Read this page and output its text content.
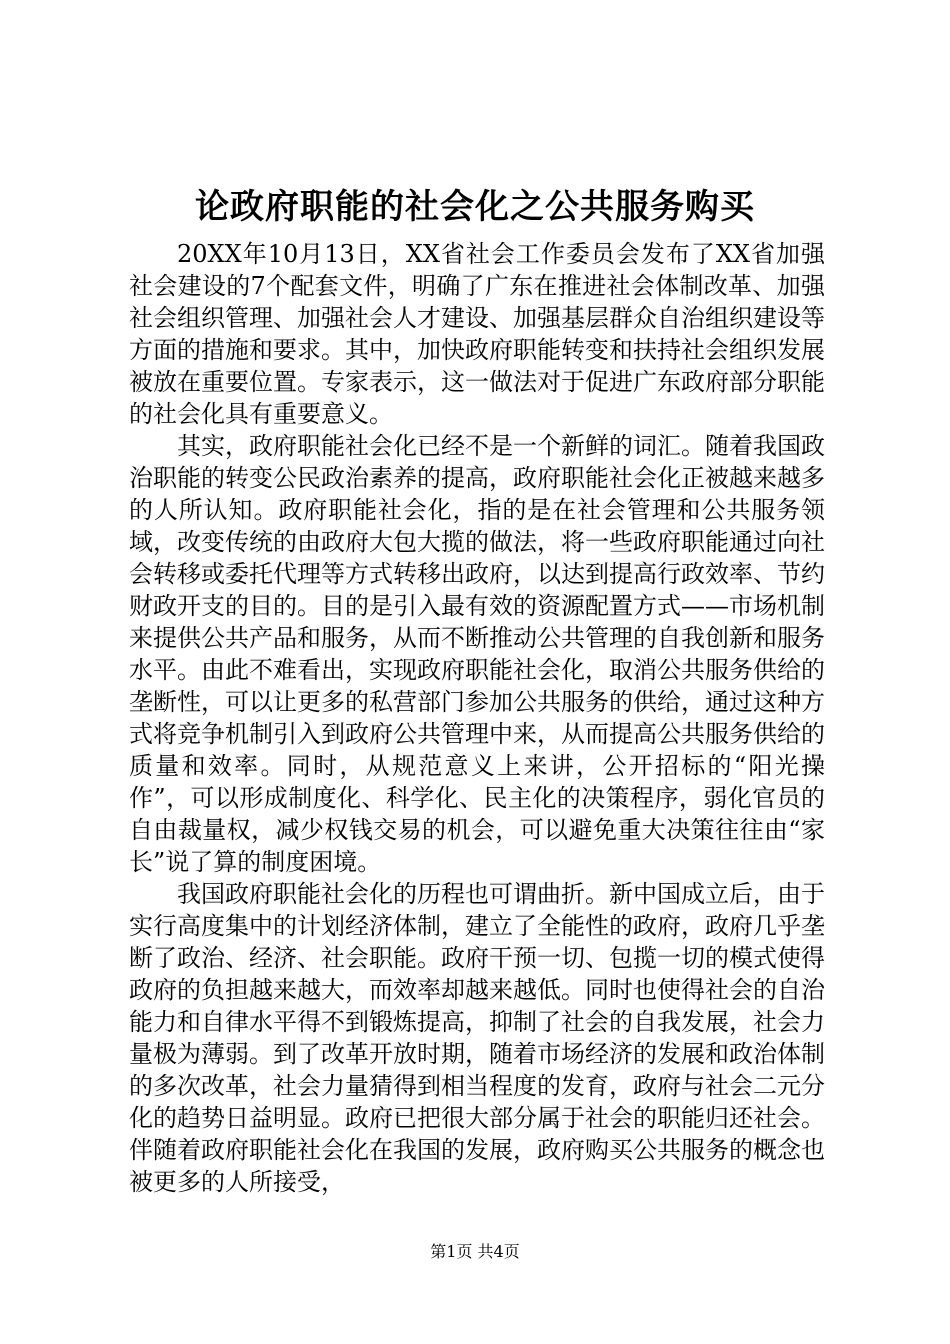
论政府职能的社会化之公共服务购买

20XX年10月13日，XX省社会工作委员会发布了XX省加强社会建设的7个配套文件，明确了广东在推进社会体制改革、加强社会组织管理、加强社会人才建设、加强基层群众自治组织建设等方面的措施和要求。其中，加快政府职能转变和扶持社会组织发展被放在重要位置。专家表示，这一做法对于促进广东政府部分职能的社会化具有重要意义。

其实，政府职能社会化已经不是一个新鲜的词汇。随着我国政治职能的转变公民政治素养的提高，政府职能社会化正被越来越多的人所认知。政府职能社会化，指的是在社会管理和公共服务领域，改变传统的由政府大包大揽的做法，将一些政府职能通过向社会转移或委托代理等方式转移出政府，以达到提高行政效率、节约财政开支的目的。目的是引入最有效的资源配置方式——市场机制来提供公共产品和服务，从而不断推动公共管理的自我创新和服务水平。由此不难看出，实现政府职能社会化，取消公共服务供给的垄断性，可以让更多的私营部门参加公共服务的供给，通过这种方式将竞争机制引入到政府公共管理中来，从而提高公共服务供给的质量和效率。同时，从规范意义上来讲，公开招标的“阳光操作”，可以形成制度化、科学化、民主化的决策程序，弱化官员的自由裁量权，减少权钱交易的机会，可以避免重大决策往往由“家长”说了算的制度困境。

我国政府职能社会化的历程也可谓曲折。新中国成立后，由于实行高度集中的计划经济体制，建立了全能性的政府，政府几乎垄断了政治、经济、社会职能。政府干预一切、包揽一切的模式使得政府的负担越来越大，而效率却越来越低。同时也使得社会的自治能力和自律水平得不到锻炼提高，抑制了社会的自我发展，社会力量极为薄弱。到了改革开放时期，随着市场经济的发展和政治体制的多次改革，社会力量猜得到相当程度的发育，政府与社会二元分化的趋势日益明显。政府已把很大部分属于社会的职能归还社会。伴随着政府职能社会化在我国的发展，政府购买公共服务的概念也被更多的人所接受，

第1页 共4页
